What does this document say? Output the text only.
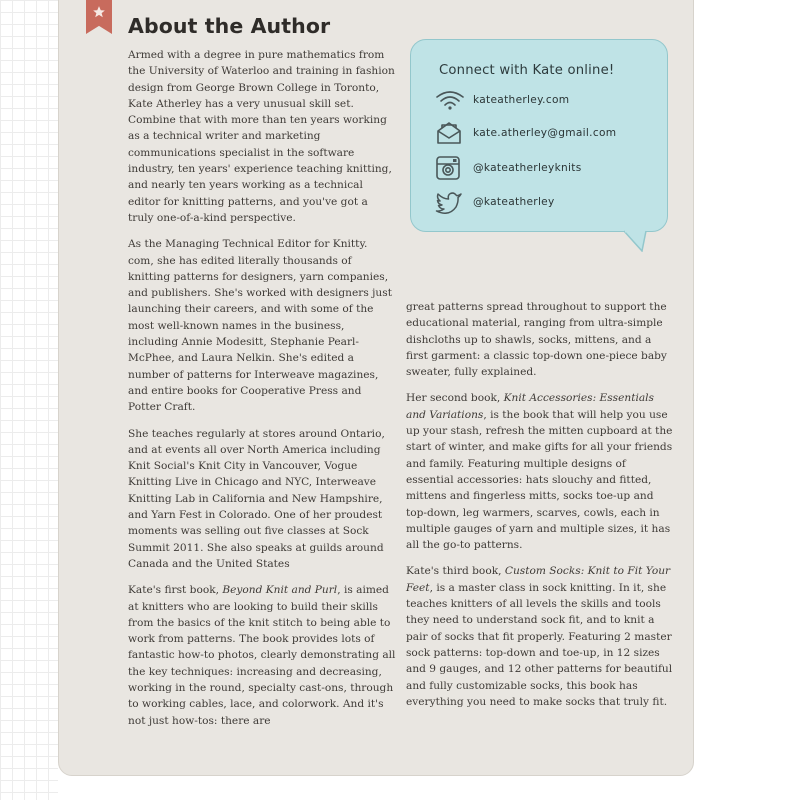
About the Author

Armed with a degree in pure mathematics from the University of Waterloo and training in fashion design from George Brown College in Toronto, Kate Atherley has a very unusual skill set. Combine that with more than ten years working as a technical writer and marketing communications specialist in the software industry, ten years' experience teaching knitting, and nearly ten years working as a technical editor for knitting patterns, and you've got a truly one-of-a-kind perspective.

As the Managing Technical Editor for Knitty. com, she has edited literally thousands of knitting patterns for designers, yarn companies, and publishers. She's worked with designers just launching their careers, and with some of the most well-known names in the business, including Annie Modesitt, Stephanie Pearl-McPhee, and Laura Nelkin. She's edited a number of patterns for Interweave magazines, and entire books for Cooperative Press and Potter Craft.

She teaches regularly at stores around Ontario, and at events all over North America including Knit Social's Knit City in Vancouver, Vogue Knitting Live in Chicago and NYC, Interweave Knitting Lab in California and New Hampshire, and Yarn Fest in Colorado. One of her proudest moments was selling out five classes at Sock Summit 2011. She also speaks at guilds around Canada and the United States

Kate's first book, Beyond Knit and Purl, is aimed at knitters who are looking to build their skills from the basics of the knit stitch to being able to work from patterns. The book provides lots of fantastic how-to photos, clearly demonstrating all the key techniques: increasing and decreasing, working in the round, specialty cast-ons, through to working cables, lace, and colorwork. And it's not just how-tos: there are

great patterns spread throughout to support the educational material, ranging from ultra-simple dishcloths up to shawls, socks, mittens, and a first garment: a classic top-down one-piece baby sweater, fully explained.

Her second book, Knit Accessories: Essentials and Variations, is the book that will help you use up your stash, refresh the mitten cupboard at the start of winter, and make gifts for all your friends and family. Featuring multiple designs of essential accessories: hats slouchy and fitted, mittens and fingerless mitts, socks toe-up and top-down, leg warmers, scarves, cowls, each in multiple gauges of yarn and multiple sizes, it has all the go-to patterns.

Kate's third book, Custom Socks: Knit to Fit Your Feet, is a master class in sock knitting. In it, she teaches knitters of all levels the skills and tools they need to understand sock fit, and to knit a pair of socks that fit properly. Featuring 2 master sock patterns: top-down and toe-up, in 12 sizes and 9 gauges, and 12 other patterns for beautiful and fully customizable socks, this book has everything you need to make socks that truly fit.

Connect with Kate online!
kateatherley.com
kate.atherley@gmail.com
@kateatherleyknits
@kateatherley
